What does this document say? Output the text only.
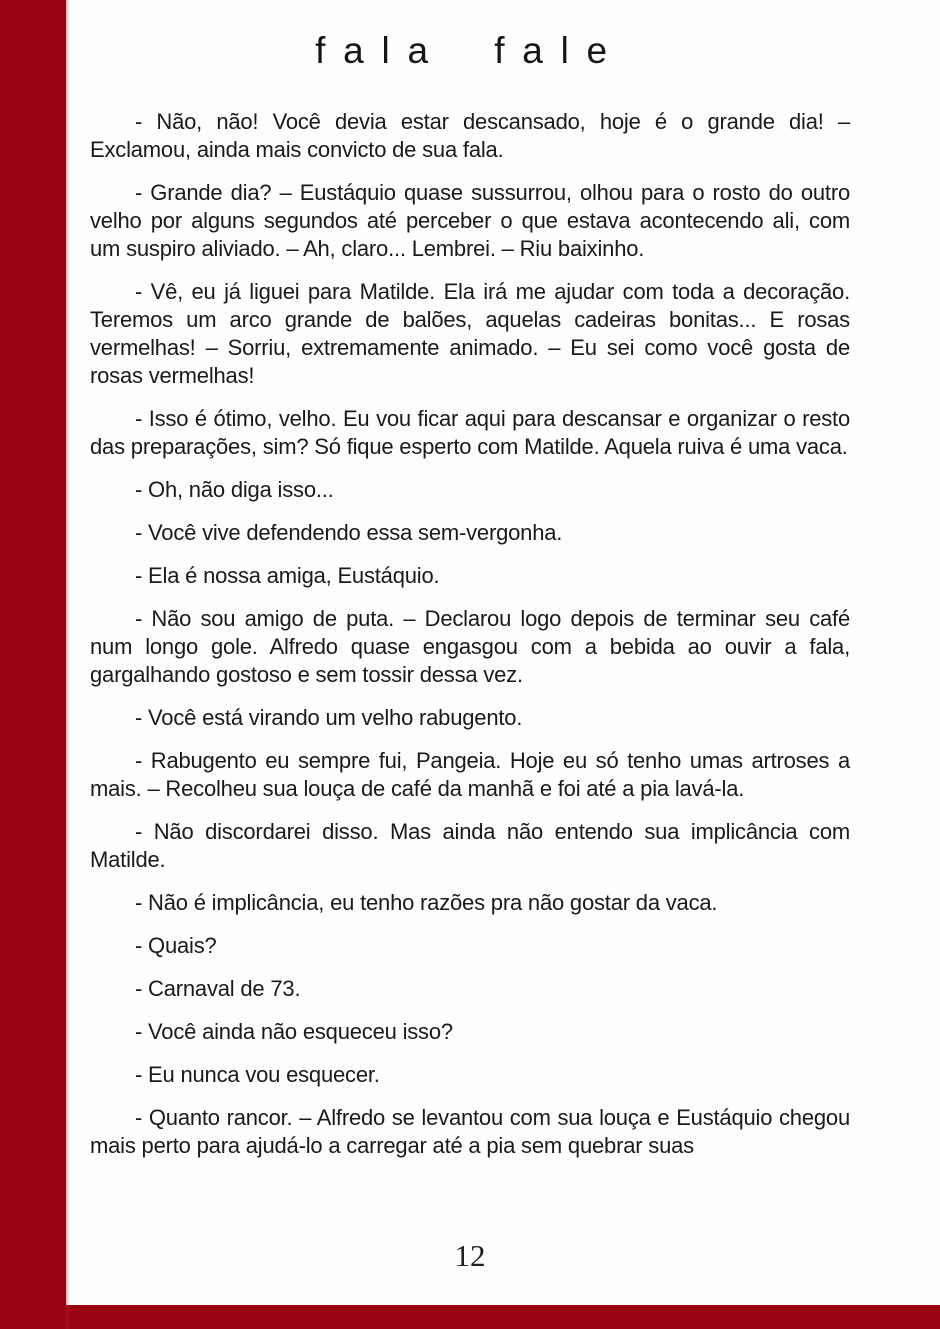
fala fale

- Não, não! Você devia estar descansado, hoje é o grande dia! – Exclamou, ainda mais convicto de sua fala.

- Grande dia? – Eustáquio quase sussurrou, olhou para o rosto do outro velho por alguns segundos até perceber o que estava acontecendo ali, com um suspiro aliviado. – Ah, claro... Lembrei. – Riu baixinho.

- Vê, eu já liguei para Matilde. Ela irá me ajudar com toda a decoração. Teremos um arco grande de balões, aquelas cadeiras bonitas... E rosas vermelhas! – Sorriu, extremamente animado. – Eu sei como você gosta de rosas vermelhas!

- Isso é ótimo, velho. Eu vou ficar aqui para descansar e organizar o resto das preparações, sim? Só fique esperto com Matilde. Aquela ruiva é uma vaca.

- Oh, não diga isso...

- Você vive defendendo essa sem-vergonha.

- Ela é nossa amiga, Eustáquio.

- Não sou amigo de puta. – Declarou logo depois de terminar seu café num longo gole. Alfredo quase engasgou com a bebida ao ouvir a fala, gargalhando gostoso e sem tossir dessa vez.

- Você está virando um velho rabugento.

- Rabugento eu sempre fui, Pangeia. Hoje eu só tenho umas artroses a mais. – Recolheu sua louça de café da manhã e foi até a pia lavá-la.

- Não discordarei disso. Mas ainda não entendo sua implicância com Matilde.

- Não é implicância, eu tenho razões pra não gostar da vaca.

- Quais?

- Carnaval de 73.

- Você ainda não esqueceu isso?

- Eu nunca vou esquecer.

- Quanto rancor. – Alfredo se levantou com sua louça e Eustáquio chegou mais perto para ajudá-lo a carregar até a pia sem quebrar suas

12
